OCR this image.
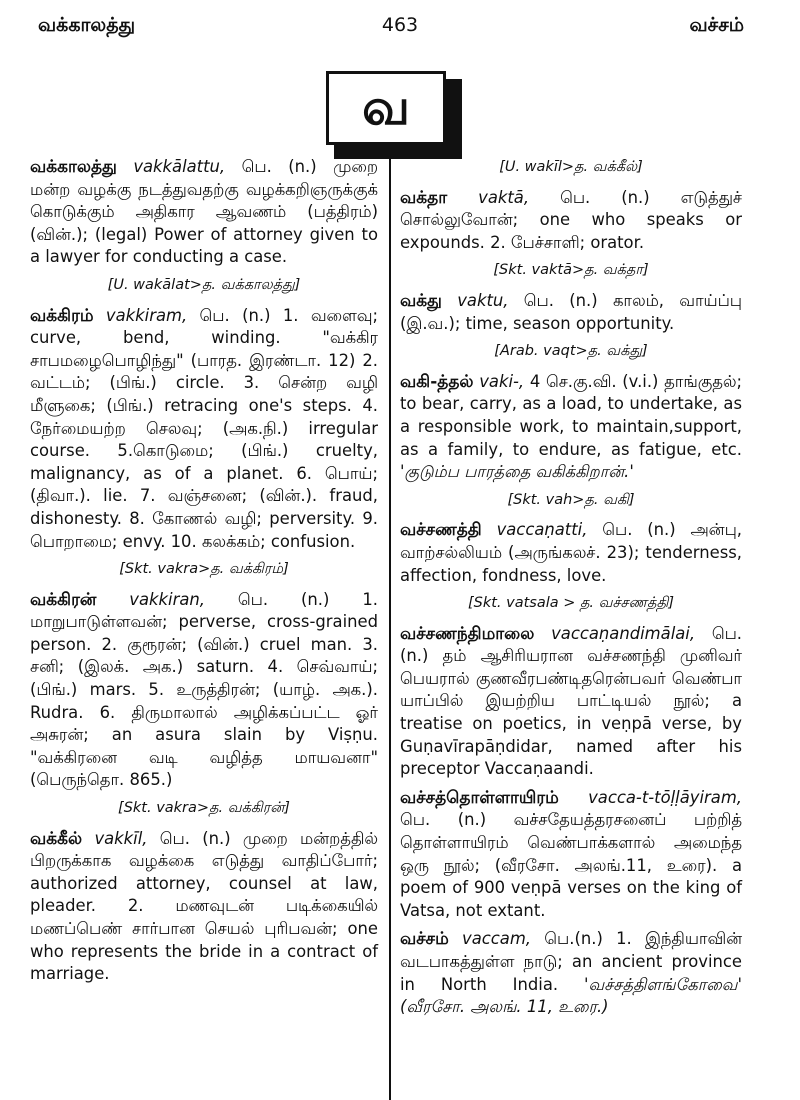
வக்காலத்து	463	வச்சம்
வ

வக்காலத்து vakkālattu, பெ. (n.) முறை மன்ற வழக்கு நடத்துவதற்கு வழக்கறிஞருக்குக் கொடுக்கும் அதிகார ஆவணம் (பத்திரம்) (வின்.); (legal) Power of attorney given to a lawyer for conducting a case.

[U. wakālat>த. வக்காலத்து]

வக்கிரம் vakkiram, பெ. (n.) 1. வளைவு; curve, bend, winding. "வக்கிர சாபமழைபொழிந்து" (பாரத. இரண்டா. 12) 2. வட்டம்; (பிங்.) circle. 3. சென்ற வழி மீளுகை; (பிங்.) retracing one's steps. 4. நேர்மையற்ற செலவு; (அக.நி.) irregular course. 5.கொடுமை; (பிங்.) cruelty, malignancy, as of a planet. 6. பொய்; (திவா.). lie. 7. வஞ்சனை; (வின்.). fraud, dishonesty. 8. கோணல் வழி; perversity. 9. பொறாமை; envy. 10. கலக்கம்; confusion.

[Skt. vakra>த. வக்கிரம்]

வக்கிரன் vakkiran, பெ. (n.) 1. மாறுபாடுள்ளவன்; perverse, cross-grained person. 2. குரூரன்; (வின்.) cruel man. 3. சனி; (இலக். அக.) saturn. 4. செவ்வாய்; (பிங்.) mars. 5. உருத்திரன்; (யாழ். அக.). Rudra. 6. திருமாலால் அழிக்கப்பட்ட ஓர் அசுரன்; an asura slain by Viṣṇu. "வக்கிரனை வடி வழித்த மாயவனா" (பெருந்தொ. 865.)

[Skt. vakra>த. வக்கிரன்]

வக்கீல் vakkīl, பெ. (n.) முறை மன்றத்தில் பிறருக்காக வழக்கை எடுத்து வாதிப்போர்; authorized attorney, counsel at law, pleader. 2. மணவுடன் படிக்கையில் மணப்பெண் சார்பான செயல் புரிபவன்; one who represents the bride in a contract of marriage.

[U. wakīl>த. வக்கீல்]

வக்தா vaktā, பெ. (n.) எடுத்துச் சொல்லுவோன்; one who speaks or expounds. 2. பேச்சாளி; orator.

[Skt. vaktā>த. வக்தா]

வக்து vaktu, பெ. (n.) காலம், வாய்ப்பு (இ.வ.); time, season opportunity.

[Arab. vaqt>த. வக்து]

வகி-த்தல் vaki-, 4 செ.கு.வி. (v.i.) தாங்குதல்; to bear, carry, as a load, to undertake, as a responsible work, to maintain,support, as a family, to endure, as fatigue, etc. 'குடும்ப பாரத்தை வகிக்கிறான்.'

[Skt. vah>த. வகி]

வச்சணத்தி vaccaṇatti, பெ. (n.) அன்பு, வாற்சல்லியம் (அருங்கலச். 23); tenderness, affection, fondness, love.

[Skt. vatsala > த. வச்சணத்தி]

வச்சணந்திமாலை vaccaṇandimālai, பெ. (n.) தம் ஆசிரியரான வச்சணந்தி முனிவர் பெயரால் குணவீரபண்டிதரென்பவர் வெண்பா யாப்பில் இயற்றிய பாட்டியல் நூல்; a treatise on poetics, in veṇpā verse, by Guṇavīrapāṇdidar, named after his preceptor Vaccaṇaandi.

வச்சத்தொள்ளாயிரம் vacca-t-tōḷḷāyiram, பெ. (n.) வச்சதேயத்தரசனைப் பற்றித் தொள்ளாயிரம் வெண்பாக்களால் அமைந்த ஒரு நூல்; (வீரசோ. அலங்.11, உரை). a poem of 900 veṇpā verses on the king of Vatsa, not extant.

வச்சம் vaccam, பெ.(n.) 1. இந்தியாவின் வடபாகத்துள்ள நாடு; an ancient province in North India. 'வச்சத்திளங்கோவை' (வீரசோ. அலங். 11, உரை.)
